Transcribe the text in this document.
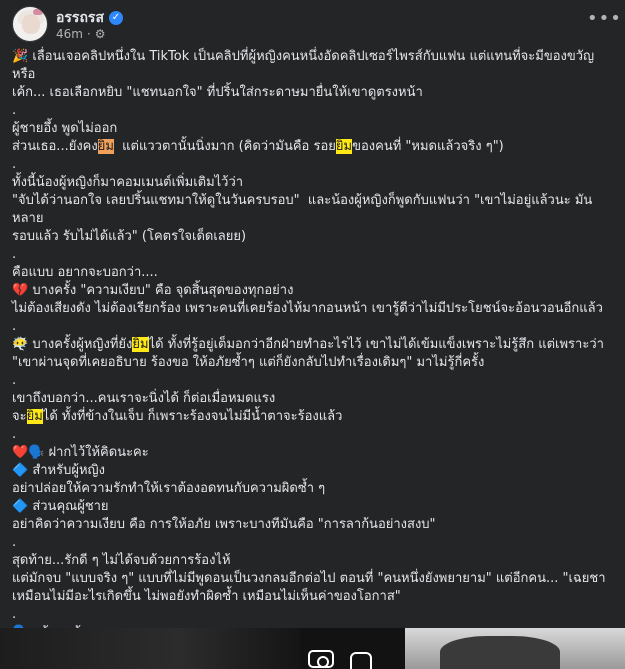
อรรถรส ✓
46m · ⚙
•••

🎉 เลื่อนเจอคลิปหนึ่งใน TikTok เป็นคลิปที่ผู้หญิงคนหนึ่งอัดคลิปเซอร์ไพรส์กับแฟน แต่แทนที่จะมีของขวัญหรือ

เค้ก... เธอเลือกหยิบ "แชทนอกใจ" ที่ปริ้นใส่กระดาษมายื่นให้เขาดูตรงหน้า

.

ผู้ชายอึ้ง พูดไม่ออก

ส่วนเธอ...ยังคงยิ้ม  แต่แววตานั้นนิ่งมาก (คิดว่ามันคือ รอยยิ้มของคนที่ "หมดแล้วจริง ๆ")

.

ทั้งนี้น้องผู้หญิงก็มาคอมเมนต์เพิ่มเติมไว้ว่า

"จับได้ว่านอกใจ เลยปริ้นแชทมาให้ดูในวันครบรอบ"  และน้องผู้หญิงก็พูดกับแฟนว่า "เขาไม่อยู่แล้วนะ มันหลาย

รอบแล้ว รับไม่ได้แล้ว" (โคตรใจเด็ดเลยย)

.

คือแบบ อยากจะบอกว่า....

💔 บางครั้ง "ความเงียบ" คือ จุดสิ้นสุดของทุกอย่าง

ไม่ต้องเสียงดัง ไม่ต้องเรียกร้อง เพราะคนที่เคยร้องไห้มากอนหน้า เขารู้ดีว่าไม่มีประโยชน์จะอ้อนวอนอีกแล้ว

.

😶‍🌫️ บางครั้งผู้หญิงที่ยังยิ้มได้ ทั้งที่รู้อยู่เต็มอกว่าอีกฝ่ายทำอะไรไว้ เขาไม่ได้เข้มแข็งเพราะไม่รู้สึก แต่เพราะว่า

"เขาผ่านจุดที่เคยอธิบาย ร้องขอ ให้อภัยซ้ำๆ แต่ก็ยังกลับไปทำเรื่องเดิมๆ" มาไม่รู้กี่ครั้ง

.

เขาถึงบอกว่า...คนเราจะนิ่งได้ ก็ต่อเมื่อหมดแรง

จะยิ้มได้ ทั้งที่ข้างในเจ็บ ก็เพราะร้องจนไม่มีน้ำตาจะร้องแล้ว

.

❤️🗣️ ฝากไว้ให้คิดนะคะ

🔷 สำหรับผู้หญิง

อย่าปล่อยให้ความรักทำให้เราต้องอดทนกับความผิดซ้ำ ๆ

🔷 ส่วนคุณผู้ชาย

อย่าคิดว่าความเงียบ คือ การให้อภัย เพราะบางทีมันคือ "การลาก้นอย่างสงบ"

.

สุดท้าย...รักดี ๆ ไม่ได้จบด้วยการร้องไห้

แต่มักจบ "แบบจริง ๆ" แบบที่ไม่มีพูดอนเป็นวงกลมอีกต่อไป ตอนที่ "คนหนึ่งยังพยายาม" แต่อีกคน... "เฉยชา

เหมือนไม่มีอะไรเกิดขึ้น ไม่พอยังทำผิดซ้ำ เหมือนไม่เห็นค่าของโอกาส"

.
